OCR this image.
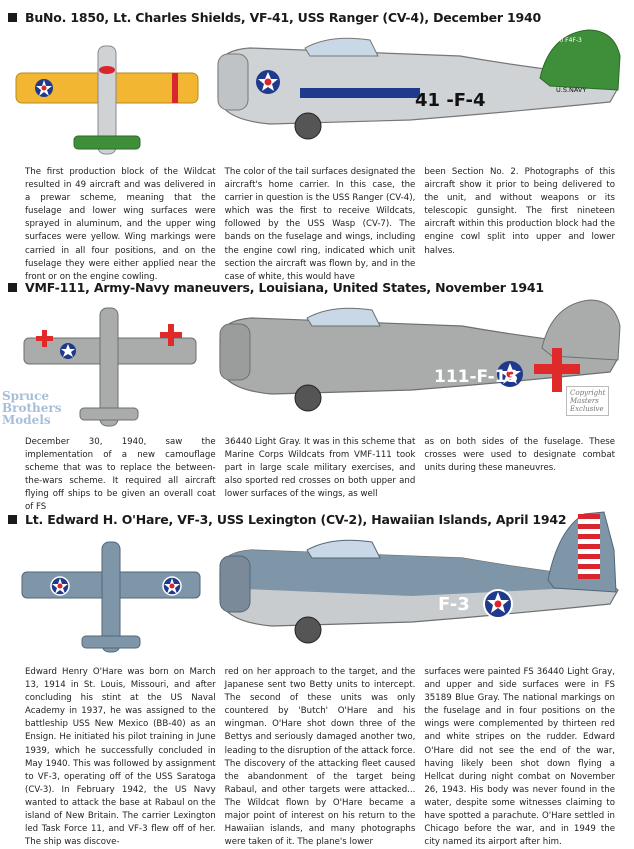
BuNo. 1850, Lt. Charles Shields, VF-41, USS Ranger (CV-4), December 1940
41 -F-4
1850 F4F-3
U.S.NAVY
The first production block of the Wildcat resulted in 49 aircraft and was delivered in a prewar scheme, meaning that the fuselage and lower wing surfaces were sprayed in aluminum, and the upper wing surfaces were yellow. Wing markings were carried in all four positions, and on the fuselage they were either applied near the front or on the engine cowling.
The color of the tail surfaces designated the aircraft's home carrier. In this case, the carrier in question is the USS Ranger (CV-4), which was the first to receive Wildcats, followed by the USS Wasp (CV-7). The bands on the fuselage and wings, including the engine cowl ring, indicated which unit section the aircraft was flown by, and in the case of white, this would have
been Section No. 2. Photographs of this aircraft show it prior to being delivered to the unit, and without weapons or its telescopic gunsight. The first nineteen aircraft within this production block had the engine cowl split into upper and lower halves.
VMF-111, Army-Navy maneuvers, Louisiana, United States, November 1941
Spruce
Brothers
Models
111-F-13
Copyright
Masters
Exclusive
December 30, 1940, saw the implementation of a new camouflage scheme that was to replace the between-the-wars scheme. It required all aircraft flying off ships to be given an overall coat of FS
36440 Light Gray. It was in this scheme that Marine Corps Wildcats from VMF-111 took part in large scale military exercises, and also sported red crosses on both upper and lower surfaces of the wings, as well
as on both sides of the fuselage. These crosses were used to designate combat units during these maneuvres.
Lt. Edward H. O'Hare, VF-3, USS Lexington (CV-2), Hawaiian Islands, April 1942
F-3
Edward Henry O'Hare was born on March 13, 1914 in St. Louis, Missouri, and after concluding his stint at the US Naval Academy in 1937, he was assigned to the battleship USS New Mexico (BB-40) as an Ensign. He initiated his pilot training in June 1939, which he successfully concluded in May 1940. This was followed by assignment to VF-3, operating off of the USS Saratoga (CV-3). In February 1942, the US Navy wanted to attack the base at Rabaul on the island of New Britain. The carrier Lexington led Task Force 11, and VF-3 flew off of her. The ship was discove-
red on her approach to the target, and the Japanese sent two Betty units to intercept. The second of these units was only countered by 'Butch' O'Hare and his wingman. O'Hare shot down three of the Bettys and seriously damaged another two, leading to the disruption of the attack force. The discovery of the attacking fleet caused the abandonment of the target being Rabaul, and other targets were attacked... The Wildcat flown by O'Hare became a major point of interest on his return to the Hawaiian islands, and many photographs were taken of it. The plane's lower
surfaces were painted FS 36440 Light Gray, and upper and side surfaces were in FS 35189 Blue Gray. The national markings on the fuselage and in four positions on the wings were complemented by thirteen red and white stripes on the rudder. Edward O'Hare did not see the end of the war, having likely been shot down flying a Hellcat during night combat on November 26, 1943. His body was never found in the water, despite some witnesses claiming to have spotted a parachute. O'Hare settled in Chicago before the war, and in 1949 the city named its airport after him.
